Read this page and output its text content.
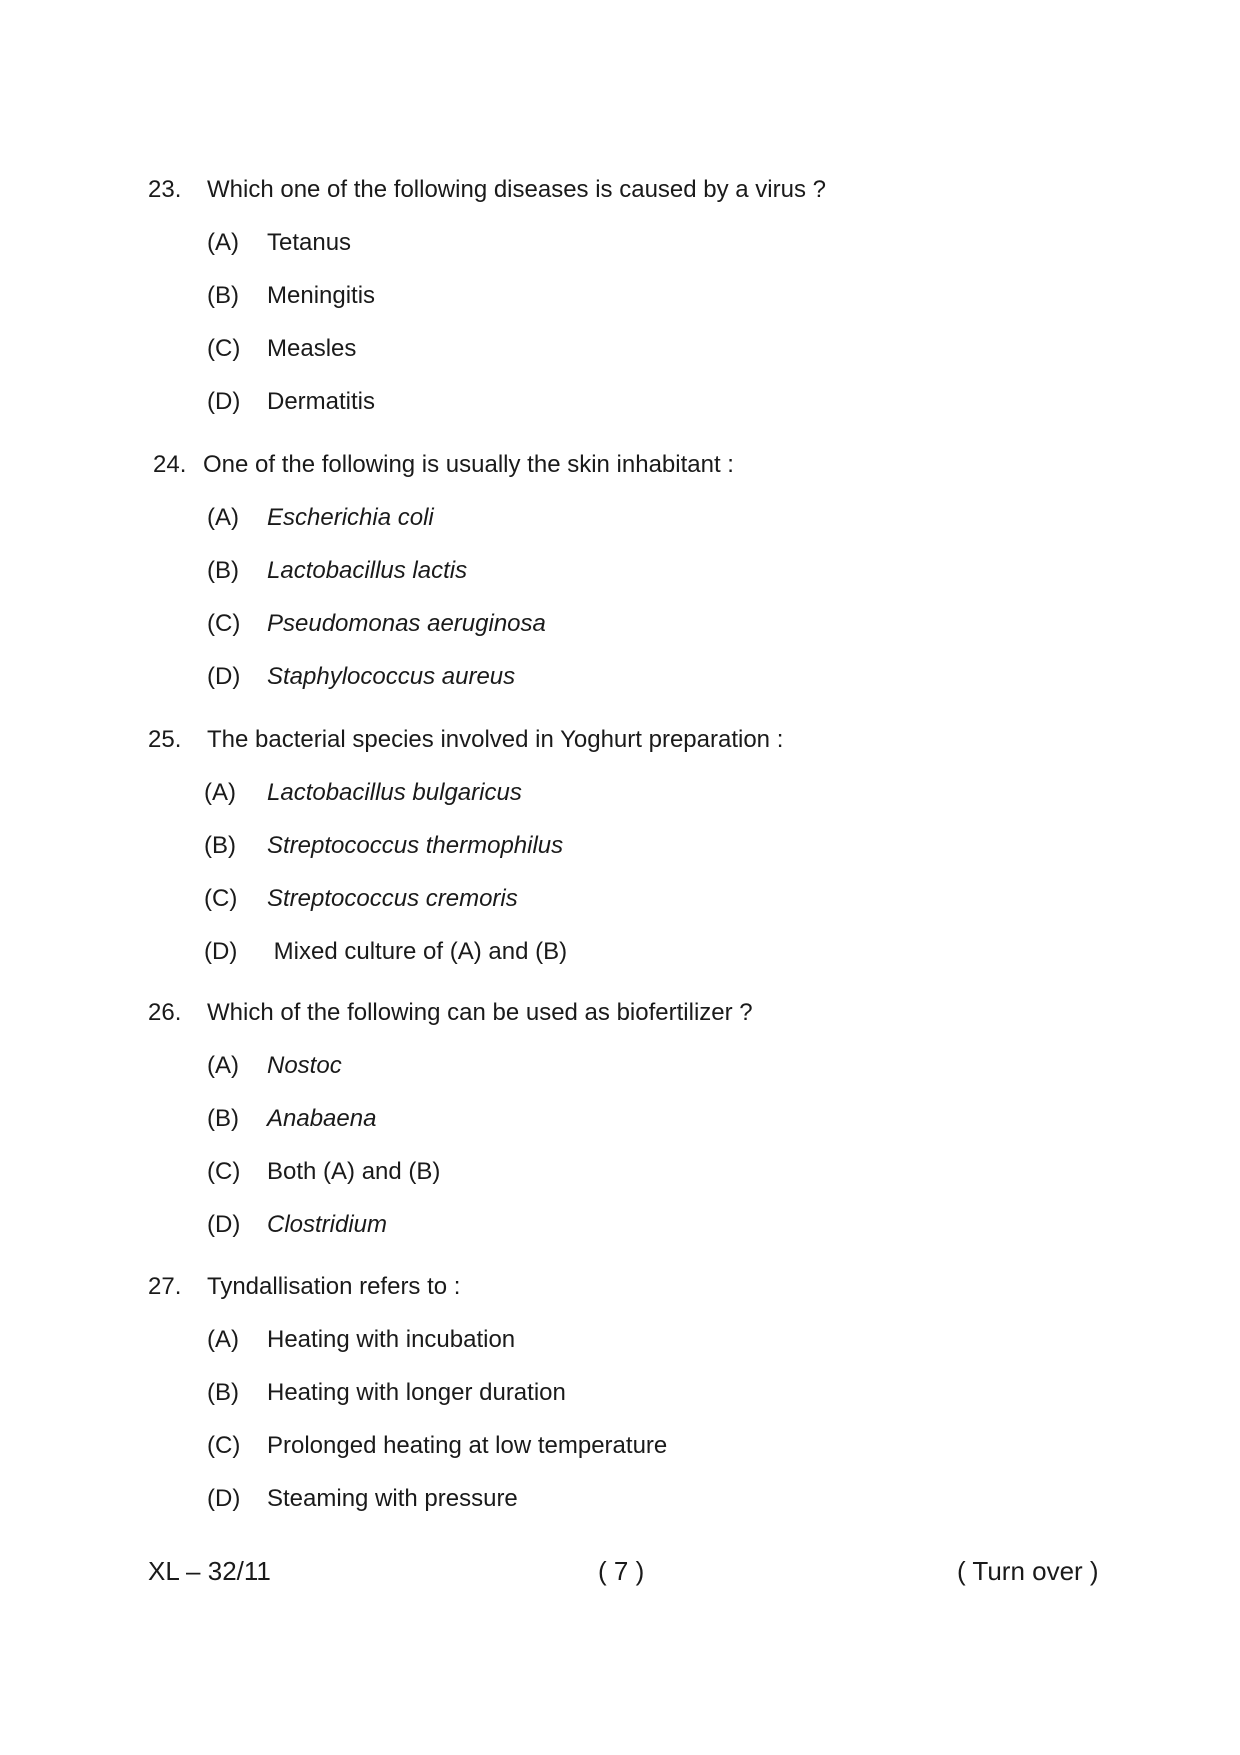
23. Which one of the following diseases is caused by a virus ?
(A) Tetanus
(B) Meningitis
(C) Measles
(D) Dermatitis
24. One of the following is usually the skin inhabitant :
(A) Escherichia coli
(B) Lactobacillus lactis
(C) Pseudomonas aeruginosa
(D) Staphylococcus aureus
25. The bacterial species involved in Yoghurt preparation :
(A) Lactobacillus bulgaricus
(B) Streptococcus thermophilus
(C) Streptococcus cremoris
(D) Mixed culture of (A) and (B)
26. Which of the following can be used as biofertilizer ?
(A) Nostoc
(B) Anabaena
(C) Both (A) and (B)
(D) Clostridium
27. Tyndallisation refers to :
(A) Heating with incubation
(B) Heating with longer duration
(C) Prolonged heating at low temperature
(D) Steaming with pressure
XL – 32/11	( 7 )	( Turn over )
